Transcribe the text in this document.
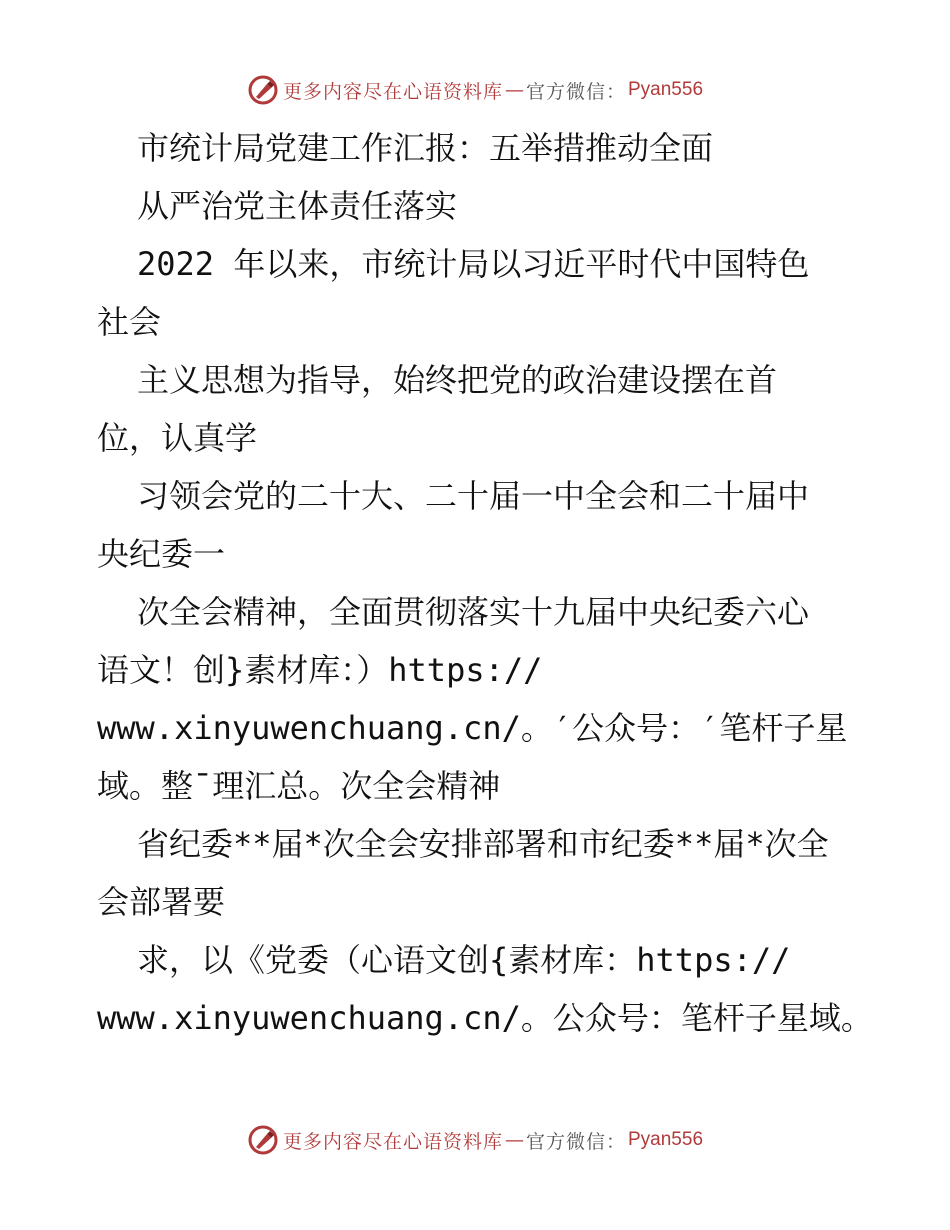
更多内容尽在心语资料库 — 官方微信： Pyan556
市统计局党建工作汇报：五举措推动全面
从严治党主体责任落实
2022 年以来，市统计局以习近平时代中国特色
社会
主义思想为指导，始终把党的政治建设摆在首
位，认真学
习领会党的二十大、二十届一中全会和二十届中
央纪委一
次全会精神，全面贯彻落实十九届中央纪委六心
语文！创}素材库：）https://
www.xinyuwenchuang.cn/。′公众号：′笔杆子星
域。整¯理汇总。次全会精神
省纪委**届*次全会安排部署和市纪委**届*次全
会部署要
求，以《党委（心语文创{素材库：https://
www.xinyuwenchuang.cn/。公众号：笔杆子星域。
更多内容尽在心语资料库 — 官方微信： Pyan556
